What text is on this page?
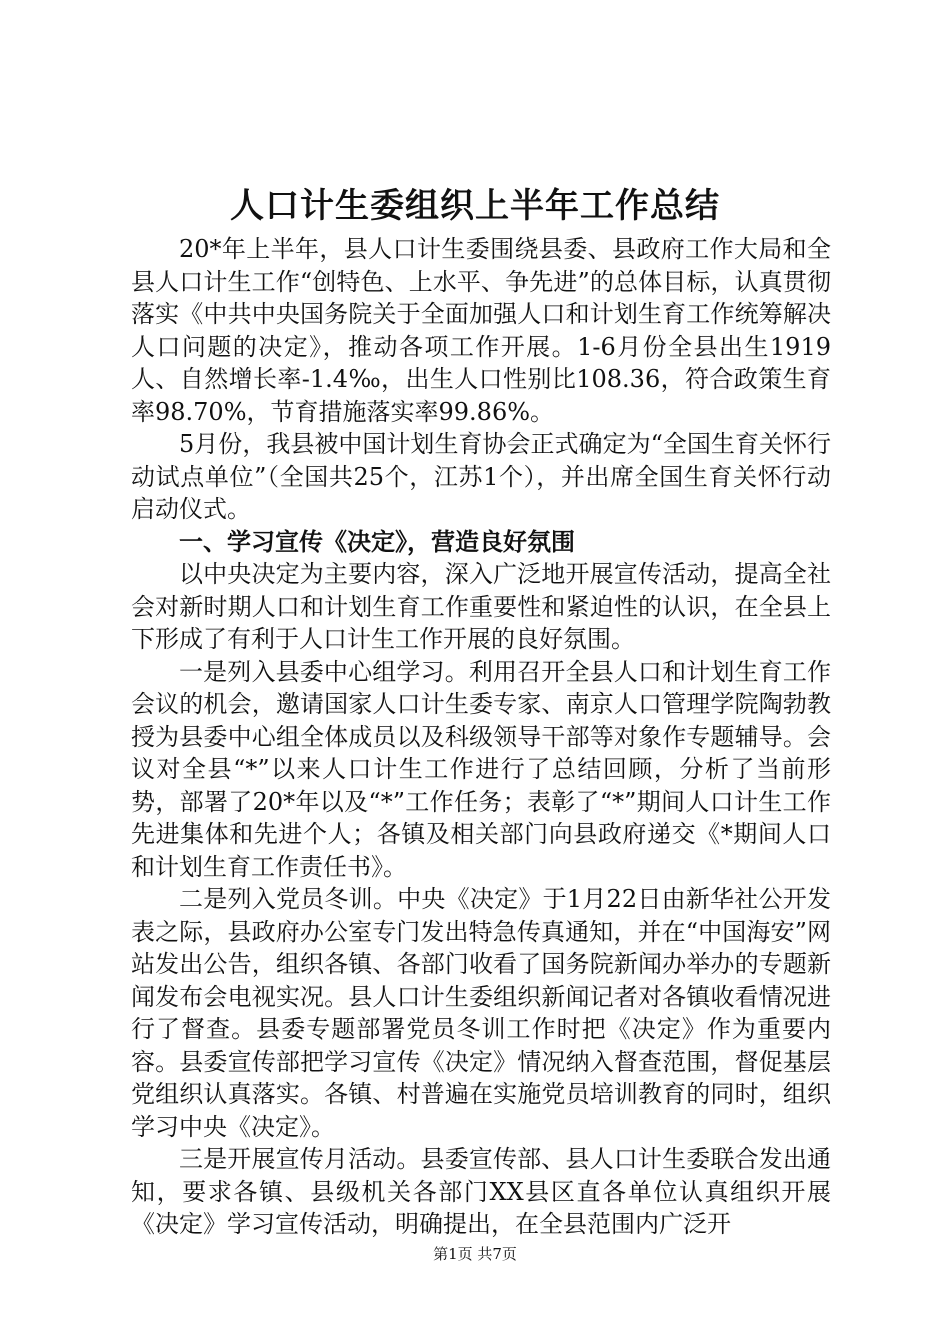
人口计生委组织上半年工作总结

20*年上半年，县人口计生委围绕县委、县政府工作大局和全县人口计生工作“创特色、上水平、争先进”的总体目标，认真贯彻落实《中共中央国务院关于全面加强人口和计划生育工作统筹解决人口问题的决定》，推动各项工作开展。1-6月份全县出生1919人、自然增长率-1.4‰，出生人口性别比108.36，符合政策生育率98.70%，节育措施落实率99.86%。

5月份，我县被中国计划生育协会正式确定为“全国生育关怀行动试点单位”（全国共25个，江苏1个），并出席全国生育关怀行动启动仪式。

一、学习宣传《决定》，营造良好氛围

以中央决定为主要内容，深入广泛地开展宣传活动，提高全社会对新时期人口和计划生育工作重要性和紧迫性的认识，在全县上下形成了有利于人口计生工作开展的良好氛围。

一是列入县委中心组学习。利用召开全县人口和计划生育工作会议的机会，邀请国家人口计生委专家、南京人口管理学院陶勃教授为县委中心组全体成员以及科级领导干部等对象作专题辅导。会议对全县“*”以来人口计生工作进行了总结回顾，分析了当前形势，部署了20*年以及“*”工作任务；表彰了“*”期间人口计生工作先进集体和先进个人；各镇及相关部门向县政府递交《*期间人口和计划生育工作责任书》。

二是列入党员冬训。中央《决定》于1月22日由新华社公开发表之际，县政府办公室专门发出特急传真通知，并在“中国海安”网站发出公告，组织各镇、各部门收看了国务院新闻办举办的专题新闻发布会电视实况。县人口计生委组织新闻记者对各镇收看情况进行了督查。县委专题部署党员冬训工作时把《决定》作为重要内容。县委宣传部把学习宣传《决定》情况纳入督查范围，督促基层党组织认真落实。各镇、村普遍在实施党员培训教育的同时，组织学习中央《决定》。

三是开展宣传月活动。县委宣传部、县人口计生委联合发出通知，要求各镇、县级机关各部门XX县区直各单位认真组织开展《决定》学习宣传活动，明确提出，在全县范围内广泛开

第1页 共7页
